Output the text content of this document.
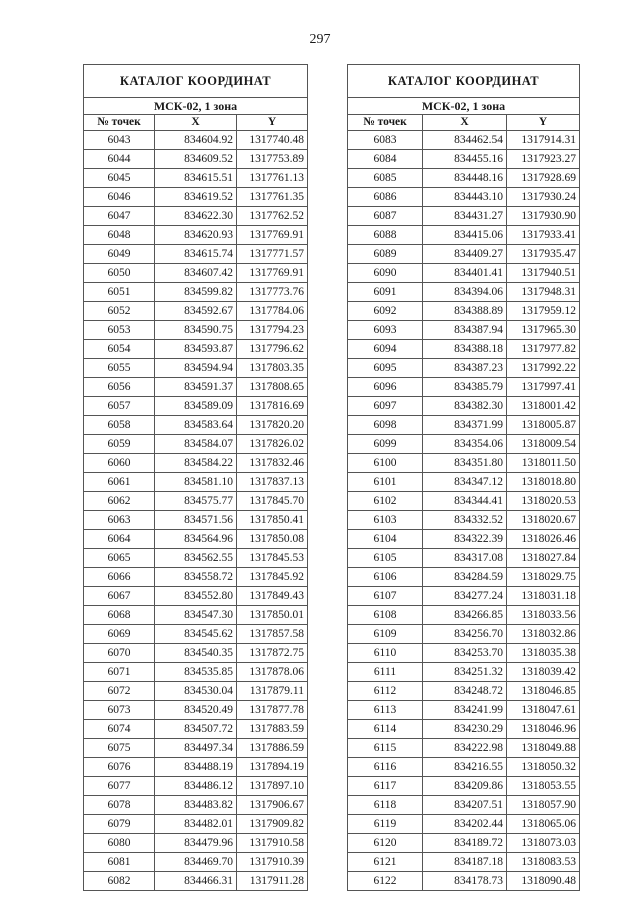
297
КАТАЛОГ КООРДИНАТ		
МСК-02, 1 зона		
№ точек	X	Y
6043	834604.92	1317740.48
6044	834609.52	1317753.89
6045	834615.51	1317761.13
6046	834619.52	1317761.35
6047	834622.30	1317762.52
6048	834620.93	1317769.91
6049	834615.74	1317771.57
6050	834607.42	1317769.91
6051	834599.82	1317773.76
6052	834592.67	1317784.06
6053	834590.75	1317794.23
6054	834593.87	1317796.62
6055	834594.94	1317803.35
6056	834591.37	1317808.65
6057	834589.09	1317816.69
6058	834583.64	1317820.20
6059	834584.07	1317826.02
6060	834584.22	1317832.46
6061	834581.10	1317837.13
6062	834575.77	1317845.70
6063	834571.56	1317850.41
6064	834564.96	1317850.08
6065	834562.55	1317845.53
6066	834558.72	1317845.92
6067	834552.80	1317849.43
6068	834547.30	1317850.01
6069	834545.62	1317857.58
6070	834540.35	1317872.75
6071	834535.85	1317878.06
6072	834530.04	1317879.11
6073	834520.49	1317877.78
6074	834507.72	1317883.59
6075	834497.34	1317886.59
6076	834488.19	1317894.19
6077	834486.12	1317897.10
6078	834483.82	1317906.67
6079	834482.01	1317909.82
6080	834479.96	1317910.58
6081	834469.70	1317910.39
6082	834466.31	1317911.28
КАТАЛОГ КООРДИНАТ		
МСК-02, 1 зона		
№ точек	X	Y
6083	834462.54	1317914.31
6084	834455.16	1317923.27
6085	834448.16	1317928.69
6086	834443.10	1317930.24
6087	834431.27	1317930.90
6088	834415.06	1317933.41
6089	834409.27	1317935.47
6090	834401.41	1317940.51
6091	834394.06	1317948.31
6092	834388.89	1317959.12
6093	834387.94	1317965.30
6094	834388.18	1317977.82
6095	834387.23	1317992.22
6096	834385.79	1317997.41
6097	834382.30	1318001.42
6098	834371.99	1318005.87
6099	834354.06	1318009.54
6100	834351.80	1318011.50
6101	834347.12	1318018.80
6102	834344.41	1318020.53
6103	834332.52	1318020.67
6104	834322.39	1318026.46
6105	834317.08	1318027.84
6106	834284.59	1318029.75
6107	834277.24	1318031.18
6108	834266.85	1318033.56
6109	834256.70	1318032.86
6110	834253.70	1318035.38
6111	834251.32	1318039.42
6112	834248.72	1318046.85
6113	834241.99	1318047.61
6114	834230.29	1318046.96
6115	834222.98	1318049.88
6116	834216.55	1318050.32
6117	834209.86	1318053.55
6118	834207.51	1318057.90
6119	834202.44	1318065.06
6120	834189.72	1318073.03
6121	834187.18	1318083.53
6122	834178.73	1318090.48
